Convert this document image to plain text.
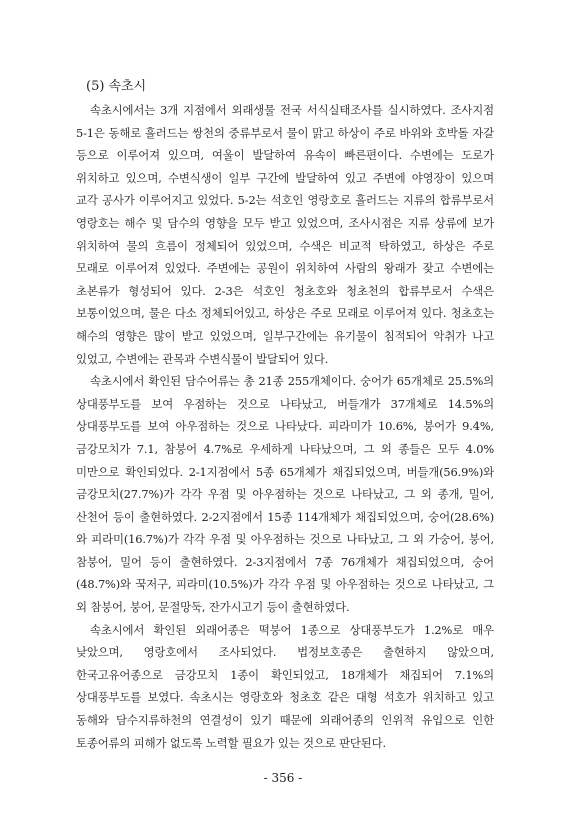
(5) 속초시

속초시에서는 3개 지점에서 외래생물 전국 서식실태조사를 실시하였다. 조사지점 5-1은 동해로 흘러드는 쌍천의 중류부로서 물이 맑고 하상이 주로 바위와 호박돌 자갈 등으로 이루어져 있으며, 여울이 발달하여 유속이 빠른편이다. 수변에는 도로가 위치하고 있으며, 수변식생이 일부 구간에 발달하여 있고 주변에 야영장이 있으며 교각 공사가 이루어지고 있었다. 5-2는 석호인 영랑호로 흘러드는 지류의 합류부로서 영랑호는 해수 및 담수의 영향을 모두 받고 있었으며, 조사시점은 지류 상류에 보가 위치하여 물의 흐름이 정체되어 있었으며, 수색은 비교적 탁하였고, 하상은 주로 모래로 이루어져 있었다. 주변에는 공원이 위치하여 사람의 왕래가 잦고 수변에는 초본류가 형성되어 있다. 2-3은 석호인 청초호와 청초천의 합류부로서 수색은 보통이었으며, 물은 다소 정체되어있고, 하상은 주로 모래로 이루어져 있다. 청초호는 해수의 영향은 많이 받고 있었으며, 일부구간에는 유기물이 침적되어 악취가 나고 있었고, 수변에는 관목과 수변식물이 발달되어 있다.

속초시에서 확인된 담수어류는 총 21종 255개체이다. 숭어가 65개체로 25.5%의 상대풍부도를 보여 우점하는 것으로 나타났고, 버들개가 37개체로 14.5%의 상대풍부도를 보여 아우점하는 것으로 나타났다. 피라미가 10.6%, 붕어가 9.4%, 금강모치가 7.1, 참붕어 4.7%로 우세하게 나타났으며, 그 외 종들은 모두 4.0% 미만으로 확인되었다. 2-1지점에서 5종 65개체가 채집되었으며, 버들개(56.9%)와 금강모치(27.7%)가 각각 우점 및 아우점하는 것으로 나타났고, 그 외 종개, 밀어, 산천어 등이 출현하였다. 2-2지점에서 15종 114개체가 채집되었으며, 숭어(28.6%)와 피라미(16.7%)가 각각 우점 및 아우점하는 것으로 나타났고, 그 외 가숭어, 붕어, 참붕어, 밀어 등이 출현하였다. 2-3지점에서 7종 76개체가 채집되었으며, 숭어(48.7%)와 꾹저구, 피라미(10.5%)가 각각 우점 및 아우점하는 것으로 나타났고, 그 외 참붕어, 붕어, 문절망둑, 잔가시고기 등이 출현하였다.

속초시에서 확인된 외래어종은 떡붕어 1종으로 상대풍부도가 1.2%로 매우 낮았으며, 영랑호에서 조사되었다. 법정보호종은 출현하지 않았으며, 한국고유어종으로 금강모치 1종이 확인되었고, 18개체가 채집되어 7.1%의 상대풍부도를 보였다. 속초시는 영랑호와 청초호 같은 대형 석호가 위치하고 있고 동해와 담수지류하천의 연결성이 있기 때문에 외래어종의 인위적 유입으로 인한 토종어류의 피해가 없도록 노력할 필요가 있는 것으로 판단된다.

- 356 -
